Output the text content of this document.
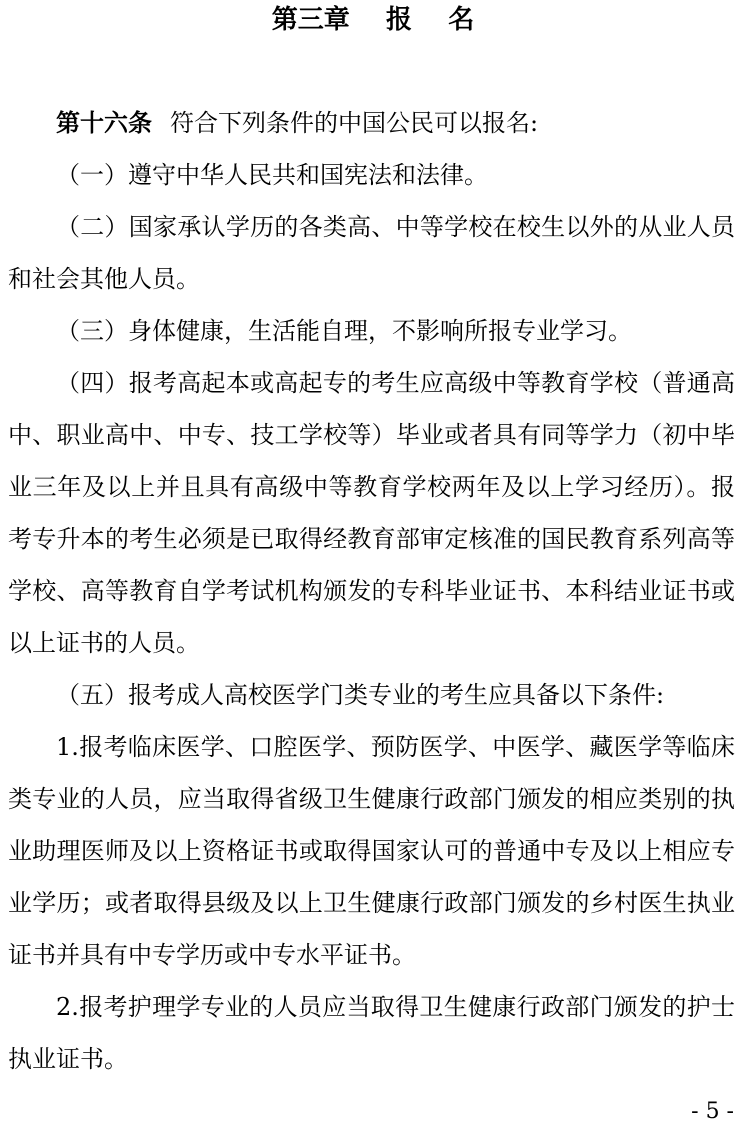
第三章    报    名

第十六条 符合下列条件的中国公民可以报名:

（一）遵守中华人民共和国宪法和法律。

（二）国家承认学历的各类高、中等学校在校生以外的从业人员和社会其他人员。

（三）身体健康，生活能自理，不影响所报专业学习。

（四）报考高起本或高起专的考生应高级中等教育学校（普通高中、职业高中、中专、技工学校等）毕业或者具有同等学力（初中毕业三年及以上并且具有高级中等教育学校两年及以上学习经历）。报考专升本的考生必须是已取得经教育部审定核准的国民教育系列高等学校、高等教育自学考试机构颁发的专科毕业证书、本科结业证书或以上证书的人员。

（五）报考成人高校医学门类专业的考生应具备以下条件:

1.报考临床医学、口腔医学、预防医学、中医学、藏医学等临床类专业的人员，应当取得省级卫生健康行政部门颁发的相应类别的执业助理医师及以上资格证书或取得国家认可的普通中专及以上相应专业学历；或者取得县级及以上卫生健康行政部门颁发的乡村医生执业证书并具有中专学历或中专水平证书。

2.报考护理学专业的人员应当取得卫生健康行政部门颁发的护士执业证书。

- 5 -
